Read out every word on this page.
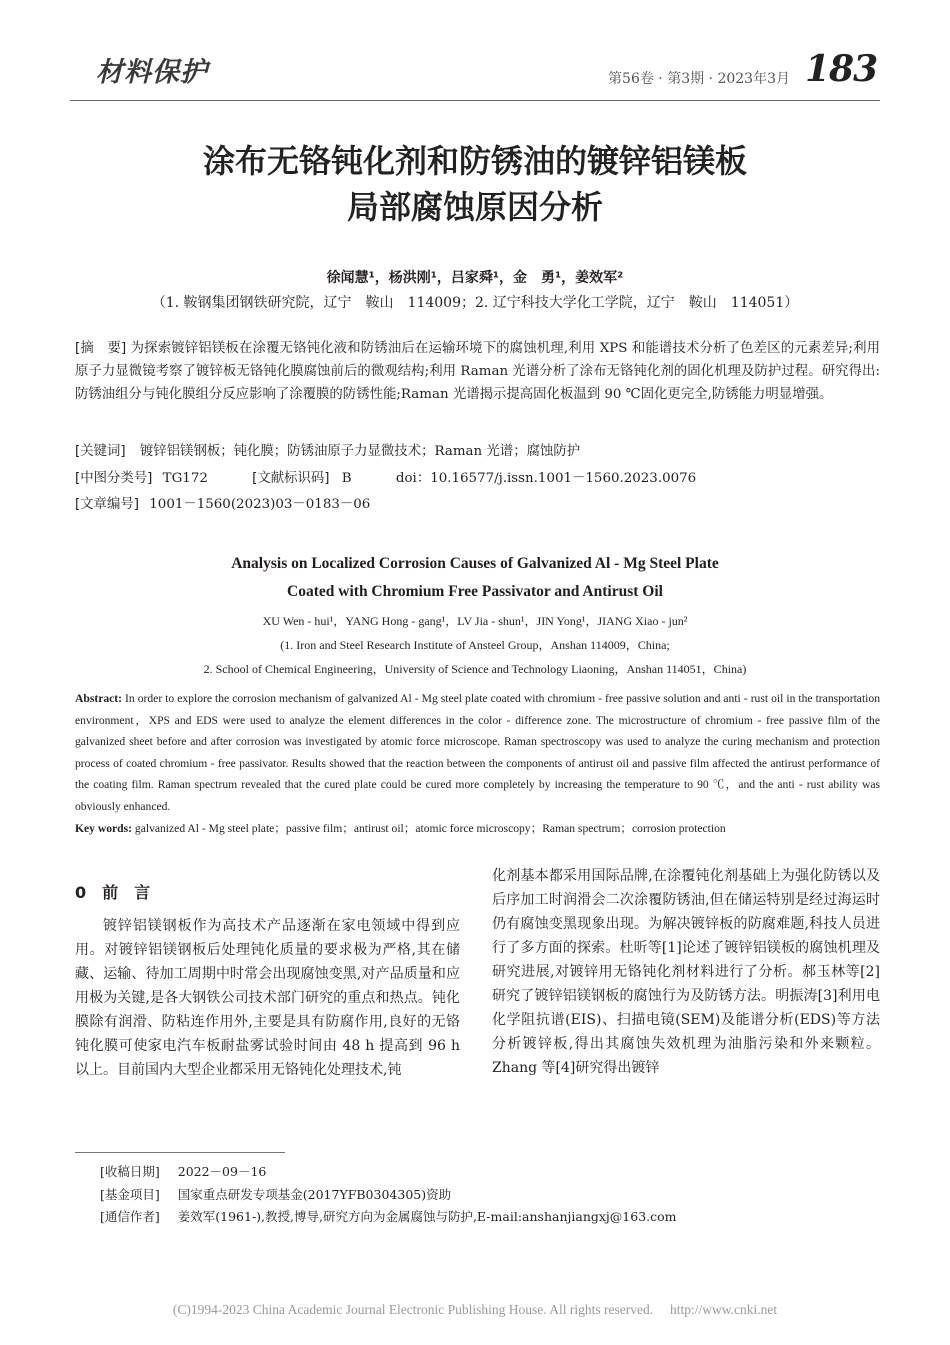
材料保护	第56卷 · 第3期 · 2023年3月 183
涂布无铬钝化剂和防锈油的镀锌铝镁板
局部腐蚀原因分析
徐闻慧¹，杨洪刚¹，吕家舜¹，金　勇¹，姜效军²
（1. 鞍钢集团钢铁研究院，辽宁　鞍山　114009；2. 辽宁科技大学化工学院，辽宁　鞍山　114051）
[摘　要] 为探索镀锌铝镁板在涂覆无铬钝化液和防锈油后在运输环境下的腐蚀机理,利用 XPS 和能谱技术分析了色差区的元素差异;利用原子力显微镜考察了镀锌板无铬钝化膜腐蚀前后的微观结构;利用 Raman 光谱分析了涂布无铬钝化剂的固化机理及防护过程。研究得出:防锈油组分与钝化膜组分反应影响了涂覆膜的防锈性能;Raman 光谱揭示提高固化板温到 90 ℃固化更完全,防锈能力明显增强。
[关键词] 镀锌铝镁钢板；钝化膜；防锈油原子力显微技术；Raman 光谱；腐蚀防护
[中图分类号] TG172	[文献标识码] B	doi：10.16577/j.issn.1001－1560.2023.0076
[文章编号] 1001－1560(2023)03－0183－06
Analysis on Localized Corrosion Causes of Galvanized Al - Mg Steel Plate
Coated with Chromium Free Passivator and Antirust Oil
XU Wen - hui¹，YANG Hong - gang¹，LV Jia - shun¹，JIN Yong¹，JIANG Xiao - jun²
(1. Iron and Steel Research Institute of Ansteel Group，Anshan 114009，China;
2. School of Chemical Engineering，University of Science and Technology Liaoning，Anshan 114051，China)
Abstract: In order to explore the corrosion mechanism of galvanized Al - Mg steel plate coated with chromium - free passive solution and anti - rust oil in the transportation environment，XPS and EDS were used to analyze the element differences in the color - difference zone. The microstructure of chromium - free passive film of the galvanized sheet before and after corrosion was investigated by atomic force microscope. Raman spectroscopy was used to analyze the curing mechanism and protection process of coated chromium - free passivator. Results showed that the reaction between the components of antirust oil and passive film affected the antirust performance of the coating film. Raman spectrum revealed that the cured plate could be cured more completely by increasing the temperature to 90 ℃，and the anti - rust ability was obviously enhanced.
Key words: galvanized Al - Mg steel plate；passive film；antirust oil；atomic force microscopy；Raman spectrum；corrosion protection
0　前　言
镀锌铝镁钢板作为高技术产品逐渐在家电领域中得到应用。对镀锌铝镁钢板后处理钝化质量的要求极为严格,其在储藏、运输、待加工周期中时常会出现腐蚀变黑,对产品质量和应用极为关键,是各大钢铁公司技术部门研究的重点和热点。钝化膜除有润滑、防粘连作用外,主要是具有防腐作用,良好的无铬钝化膜可使家电汽车板耐盐雾试验时间由 48 h 提高到 96 h 以上。目前国内大型企业都采用无铬钝化处理技术,钝
化剂基本都采用国际品牌,在涂覆钝化剂基础上为强化防锈以及后序加工时润滑会二次涂覆防锈油,但在储运特别是经过海运时仍有腐蚀变黑现象出现。为解决镀锌板的防腐难题,科技人员进行了多方面的探索。杜昕等[1]论述了镀锌铝镁板的腐蚀机理及研究进展,对镀锌用无铬钝化剂材料进行了分析。郝玉林等[2]研究了镀锌铝镁钢板的腐蚀行为及防锈方法。明振涛[3]利用电化学阻抗谱(EIS)、扫描电镜(SEM)及能谱分析(EDS)等方法分析镀锌板,得出其腐蚀失效机理为油脂污染和外来颗粒。Zhang 等[4]研究得出镀锌
[收稿日期] 2022－09－16
[基金项目] 国家重点研发专项基金(2017YFB0304305)资助
[通信作者] 姜效军(1961-),教授,博导,研究方向为金属腐蚀与防护,E-mail:anshanjiangxj@163.com
(C)1994-2023 China Academic Journal Electronic Publishing House. All rights reserved.　 http://www.cnki.net
